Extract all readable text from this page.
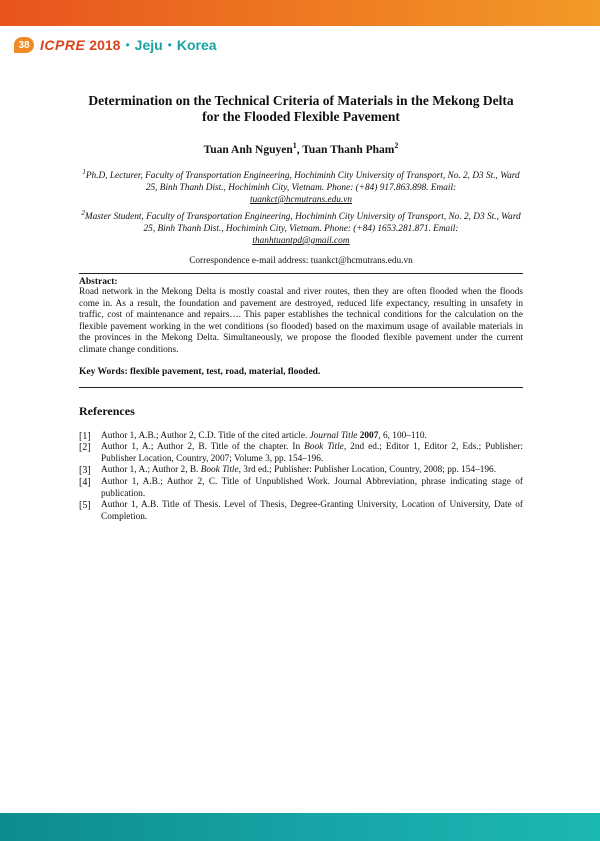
38 ICPRE 2018 • Jeju • Korea
Determination on the Technical Criteria of Materials in the Mekong Delta
for the Flooded Flexible Pavement
Tuan Anh Nguyen$^1$, Tuan Thanh Pham$^2$
$^1$Ph.D, Lecturer, Faculty of Transportation Engineering, Hochiminh City University of Transport, No. 2, D3 St., Ward 25, Binh Thanh Dist., Hochiminh City, Vietnam. Phone: (+84) 917.863.898. Email:
tuankct@hcmutrans.edu.vn
$^2$Master Student, Faculty of Transportation Engineering, Hochiminh City University of Transport, No. 2, D3 St., Ward 25, Binh Thanh Dist., Hochiminh City, Vietnam. Phone: (+84) 1653.281.871. Email:
thanhtuantpd@gmail.com
Correspondence e-mail address: tuankct@hcmutrans.edu.vn
Abstract:
Road network in the Mekong Delta is mostly coastal and river routes, then they are often flooded when the floods come in. As a result, the foundation and pavement are destroyed, reduced life expectancy, resulting in unsafety in traffic, cost of maintenance and repairs…. This paper establishes the technical conditions for the calculation on the flexible pavement working in the wet conditions (so flooded) based on the maximum usage of available materials in the provinces in the Mekong Delta. Simultaneously, we propose the flooded flexible pavement under the current climate change conditions.
Key Words: flexible pavement, test, road, material, flooded.
References
[1]	Author 1, A.B.; Author 2, C.D. Title of the cited article. Journal Title 2007, 6, 100–110.
[2]	Author 1, A.; Author 2, B. Title of the chapter. In Book Title, 2nd ed.; Editor 1, Editor 2, Eds.; Publisher: Publisher Location, Country, 2007; Volume 3, pp. 154–196.
[3]	Author 1, A.; Author 2, B. Book Title, 3rd ed.; Publisher: Publisher Location, Country, 2008; pp. 154–196.
[4]	Author 1, A.B.; Author 2, C. Title of Unpublished Work. Journal Abbreviation, phrase indicating stage of publication.
[5]	Author 1, A.B. Title of Thesis. Level of Thesis, Degree-Granting University, Location of University, Date of Completion.
